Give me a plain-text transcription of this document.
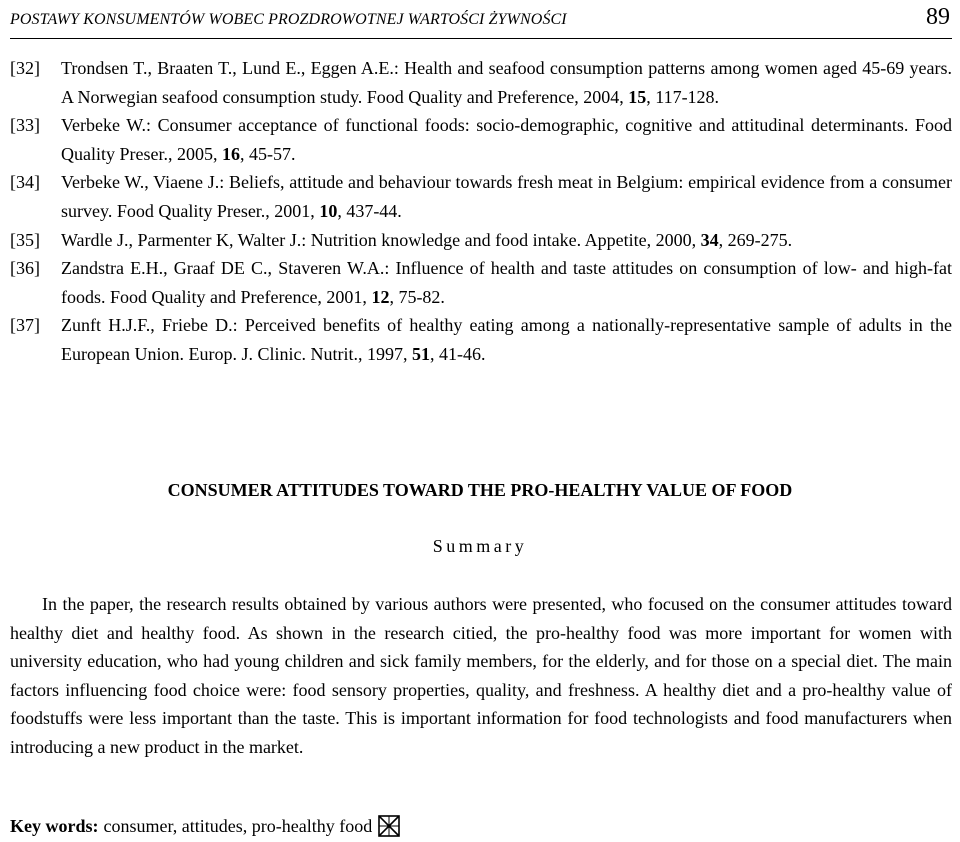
POSTAWY KONSUMENTÓW WOBEC PROZDROWOTNEJ WARTOŚCI ŻYWNOŚCI	89
[32] Trondsen T., Braaten T., Lund E., Eggen A.E.: Health and seafood consumption patterns among women aged 45-69 years. A Norwegian seafood consumption study. Food Quality and Preference, 2004, 15, 117-128.
[33] Verbeke W.: Consumer acceptance of functional foods: socio-demographic, cognitive and attitudinal determinants. Food Quality Preser., 2005, 16, 45-57.
[34] Verbeke W., Viaene J.: Beliefs, attitude and behaviour towards fresh meat in Belgium: empirical evidence from a consumer survey. Food Quality Preser., 2001, 10, 437-44.
[35] Wardle J., Parmenter K, Walter J.: Nutrition knowledge and food intake. Appetite, 2000, 34, 269-275.
[36] Zandstra E.H., Graaf DE C., Staveren W.A.: Influence of health and taste attitudes on consumption of low- and high-fat foods. Food Quality and Preference, 2001, 12, 75-82.
[37] Zunft H.J.F., Friebe D.: Perceived benefits of healthy eating among a nationally-representative sample of adults in the European Union. Europ. J. Clinic. Nutrit., 1997, 51, 41-46.
CONSUMER ATTITUDES TOWARD THE PRO-HEALTHY VALUE OF FOOD
Summary

In the paper, the research results obtained by various authors were presented, who focused on the consumer attitudes toward healthy diet and healthy food. As shown in the research citied, the pro-healthy food was more important for women with university education, who had young children and sick family members, for the elderly, and for those on a special diet. The main factors influencing food choice were: food sensory properties, quality, and freshness. A healthy diet and a pro-healthy value of foodstuffs were less important than the taste. This is important information for food technologists and food manufacturers when introducing a new product in the market.

Key words: consumer, attitudes, pro-healthy food
